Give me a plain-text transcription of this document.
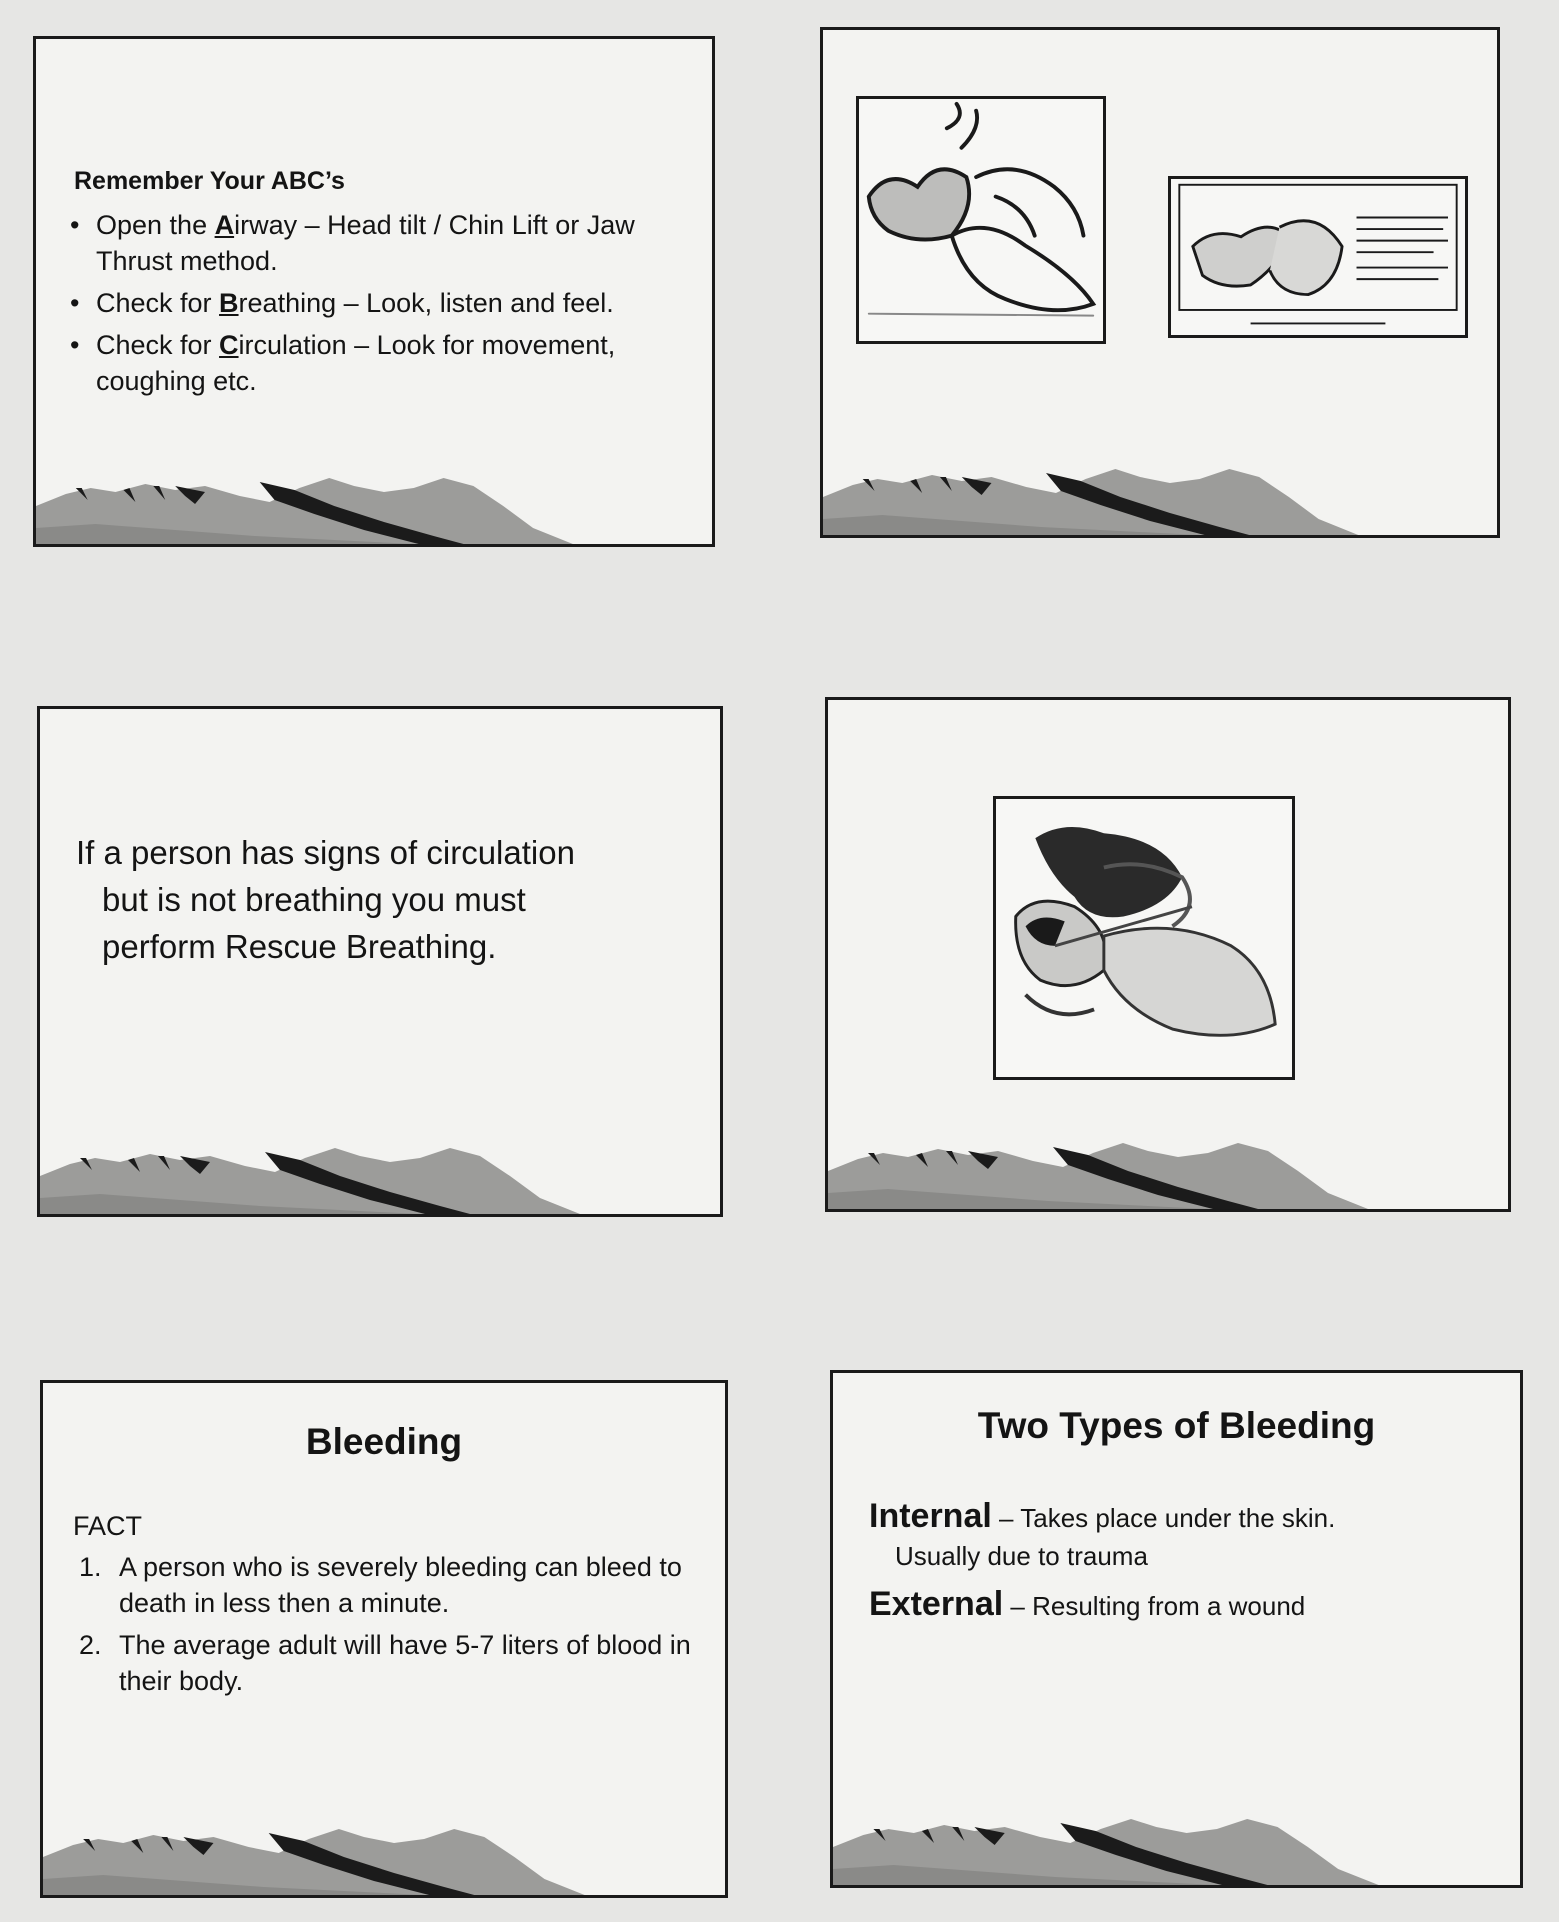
Remember Your ABC’s
• Open the Airway – Head tilt / Chin Lift or Jaw Thrust method.
• Check for Breathing – Look, listen and feel.
• Check for Circulation – Look for movement, coughing etc.
If a person has signs of circulation
but is not breathing you must
perform Rescue Breathing.
Bleeding
FACT
1. A person who is severely bleeding can bleed to death in less then a minute.
2. The average adult will have 5-7 liters of blood in their body.
Two Types of Bleeding
Internal – Takes place under the skin.
Usually due to trauma
External – Resulting from a wound
